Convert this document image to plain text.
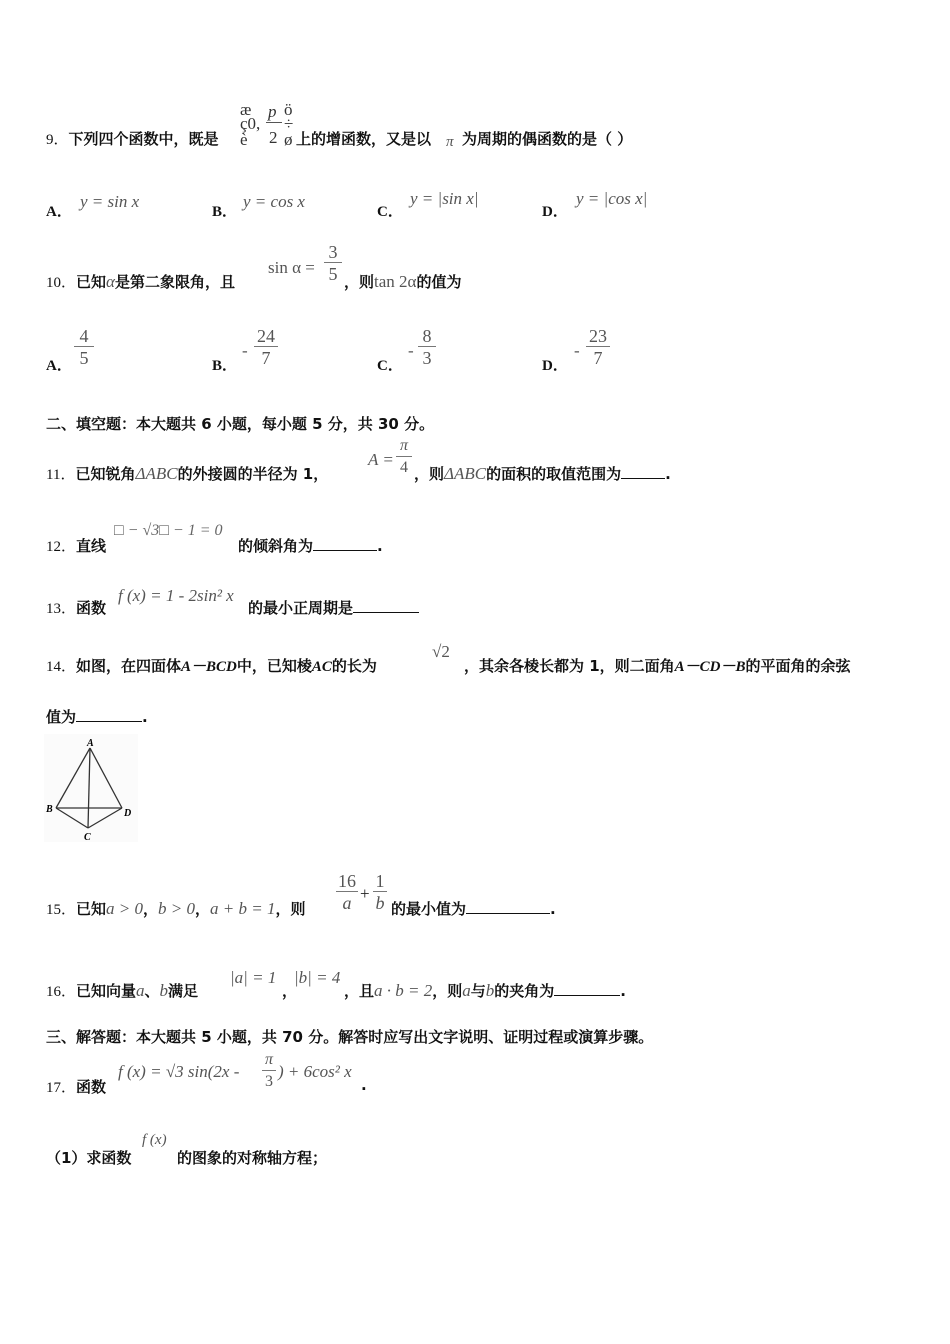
9．下列四个函数中，既是
æ
ç0,
è
p
2
ö
÷
ø 上的增函数，又是以 π 为周期的偶函数的是（ ）
A．
y = sin x
B．
y = cos x
C．
y = |sin x|
D．
y = |cos x|
10．已知α是第二象限角，且
$\sin \alpha = \frac{3}{5}$ ，则tan 2α的值为
A． $\frac{4}{5}$	B．
- $\frac{24}{7}$	C．
- $\frac{8}{3}$	D．
- $\frac{23}{7}$
二、填空题：本大题共 6 小题，每小题 5 分，共 30 分。
11．已知锐角ΔABC的外接圆的半径为 1，
$A = \frac{\pi}{4}$ ，则ΔABC的面积的取值范围为	.
12．直线
□ − √3□ − 1 = 0
的倾斜角为	.
13．函数
f (x) = 1 - 2sin² x
的最小正周期是
14．如图，在四面体A－BCD中，已知棱AC的长为
√2
，其余各棱长都为 1，则二面角A－CD－B的平面角的余弦
值为	.
A
B
C
D
15．已知a > 0，b > 0，a + b = 1，则 $\frac{16}{a} + \frac{1}{b}$ 的最小值为	.
16．已知向量a、b满足
|a| = 1
，
|b| = 4
，且a · b = 2，则a与b的夹角为	.
三、解答题：本大题共 5 小题，共 70 分。解答时应写出文字说明、证明过程或演算步骤。
17．函数
f (x) = √3 $\sin(2x - \frac{\pi}{3}$ ) + 6cos² x
.
（1）求函数
f (x)
的图象的对称轴方程；
